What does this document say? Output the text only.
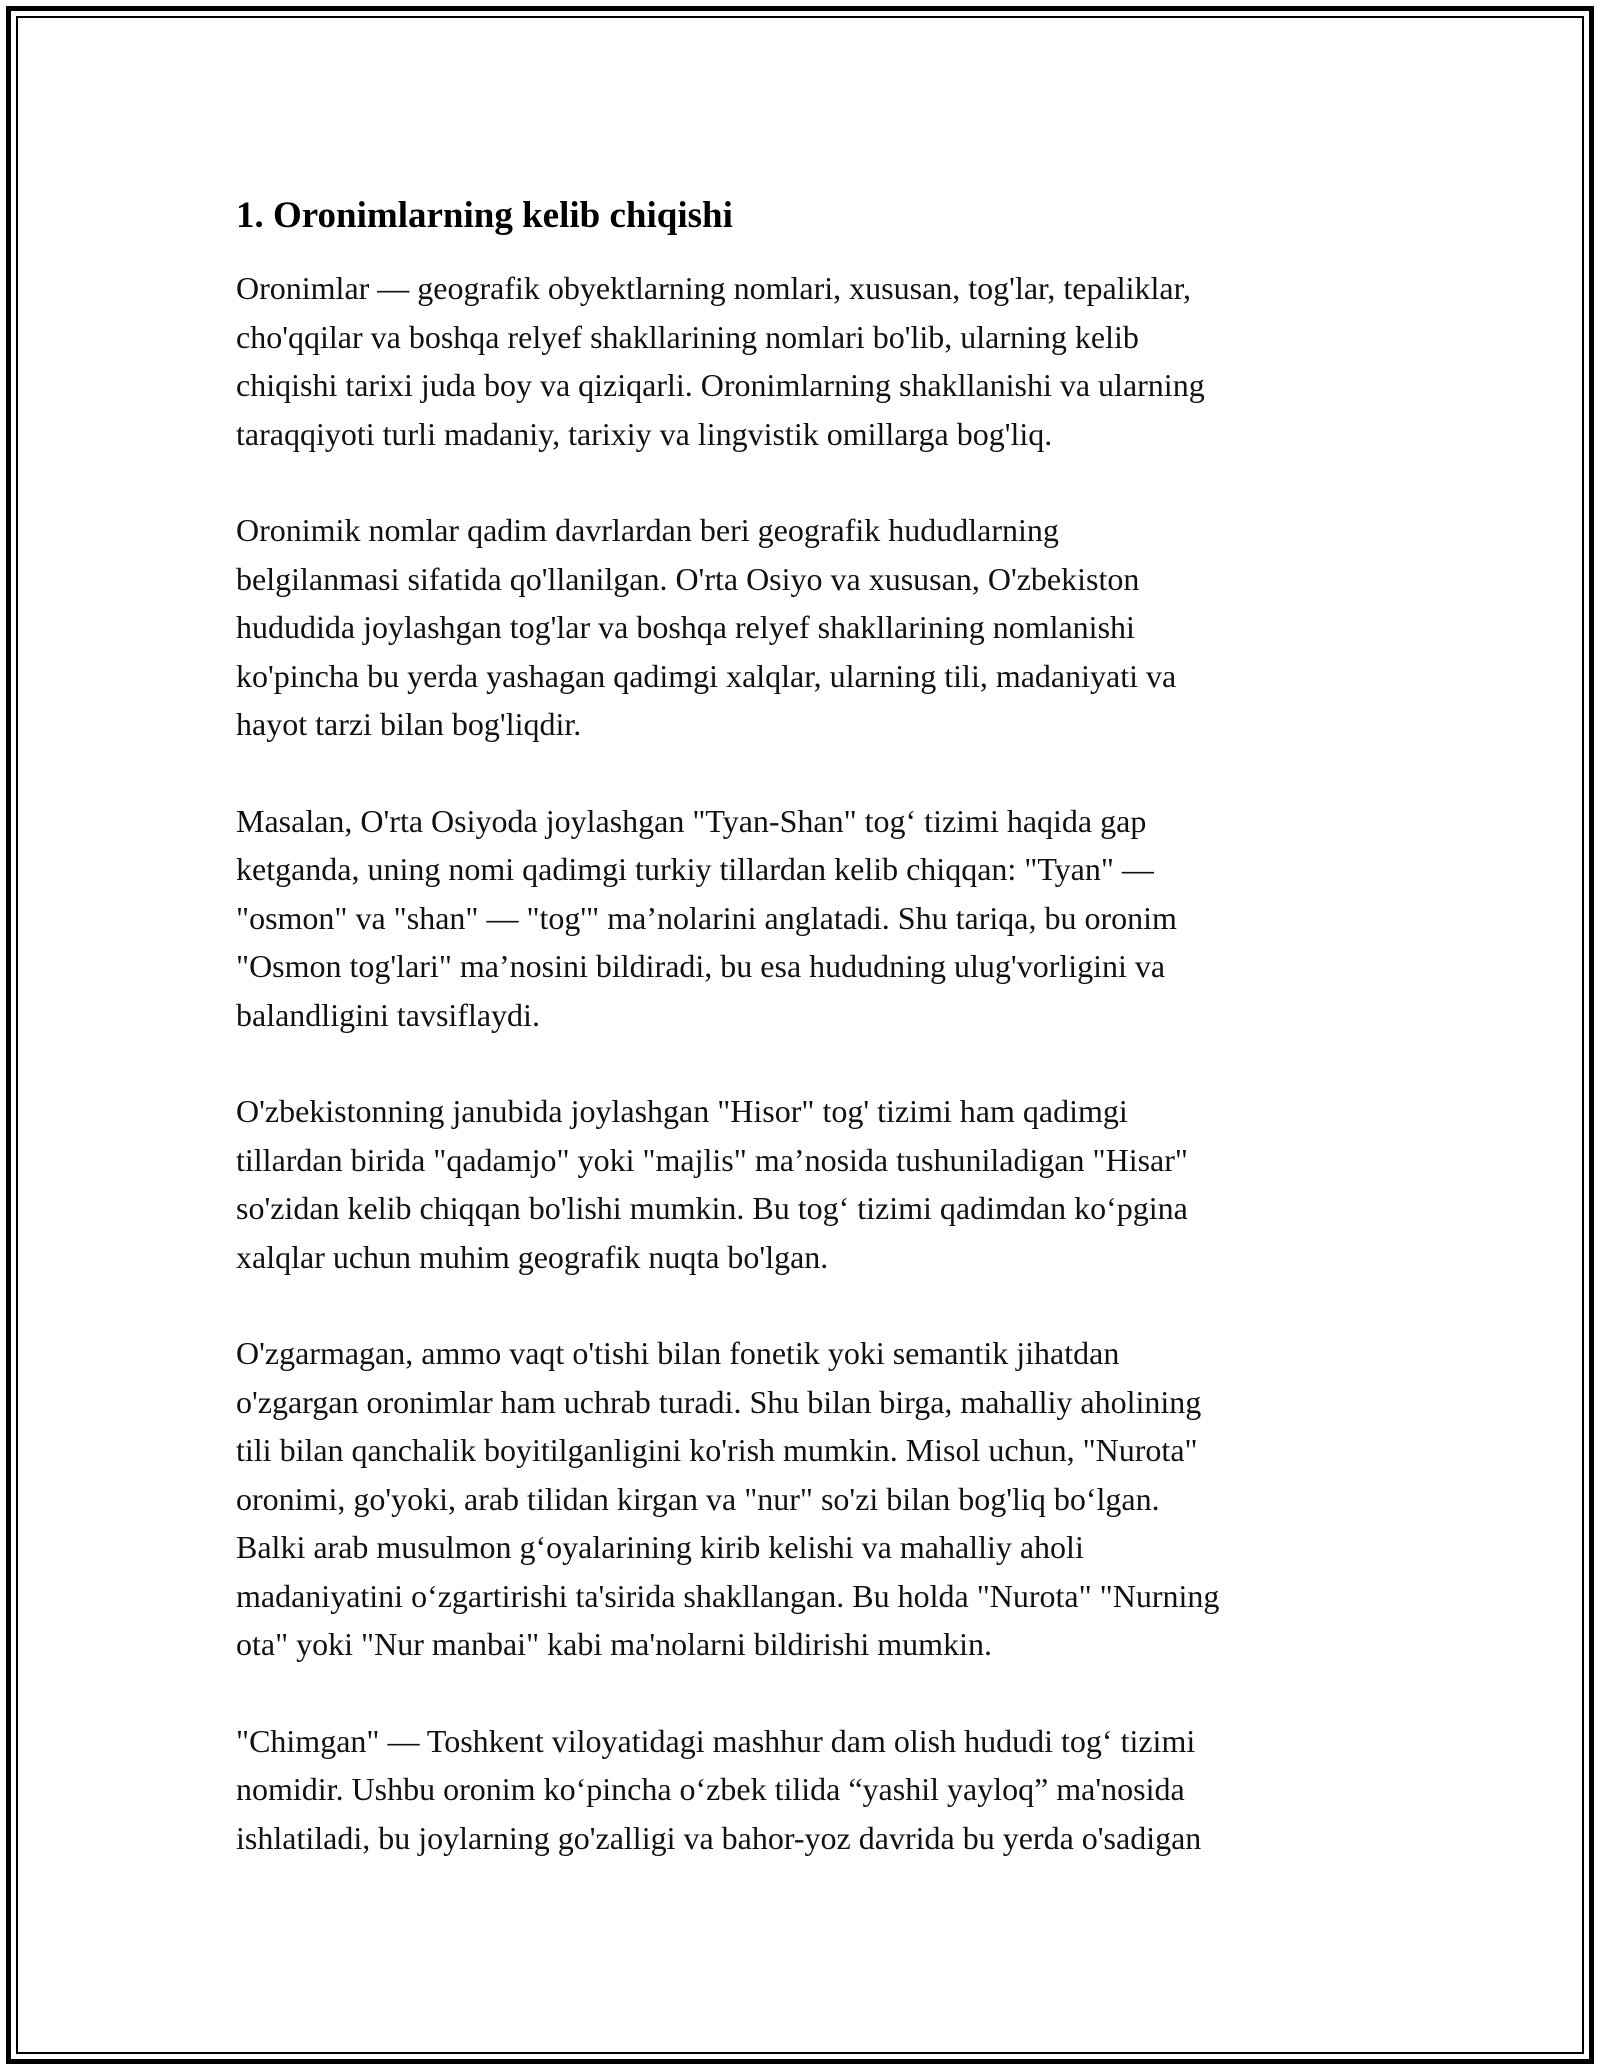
1. Oronimlarning kelib chiqishi

Oronimlar — geografik obyektlarning nomlari, xususan, tog'lar, tepaliklar,
cho'qqilar va boshqa relyef shakllarining nomlari bo'lib, ularning kelib
chiqishi tarixi juda boy va qiziqarli. Oronimlarning shakllanishi va ularning
taraqqiyoti turli madaniy, tarixiy va lingvistik omillarga bog'liq.

Oronimik nomlar qadim davrlardan beri geografik hududlarning
belgilanmasi sifatida qo'llanilgan. O'rta Osiyo va xususan, O'zbekiston
hududida joylashgan tog'lar va boshqa relyef shakllarining nomlanishi
ko'pincha bu yerda yashagan qadimgi xalqlar, ularning tili, madaniyati va
hayot tarzi bilan bog'liqdir.

Masalan, O'rta Osiyoda joylashgan "Tyan-Shan" tog‘ tizimi haqida gap
ketganda, uning nomi qadimgi turkiy tillardan kelib chiqqan: "Tyan" —
"osmon" va "shan" — "tog'" ma’nolarini anglatadi. Shu tariqa, bu oronim
"Osmon tog'lari" ma’nosini bildiradi, bu esa hududning ulug'vorligini va
balandligini tavsiflaydi.

O'zbekistonning janubida joylashgan "Hisor" tog' tizimi ham qadimgi
tillardan birida "qadamjo" yoki "majlis" ma’nosida tushuniladigan "Hisar"
so'zidan kelib chiqqan bo'lishi mumkin. Bu tog‘ tizimi qadimdan ko‘pgina
xalqlar uchun muhim geografik nuqta bo'lgan.

O'zgarmagan, ammo vaqt o'tishi bilan fonetik yoki semantik jihatdan
o'zgargan oronimlar ham uchrab turadi. Shu bilan birga, mahalliy aholining
tili bilan qanchalik boyitilganligini ko'rish mumkin. Misol uchun, "Nurota"
oronimi, go'yoki, arab tilidan kirgan va "nur" so'zi bilan bog'liq bo‘lgan.
Balki arab musulmon g‘oyalarining kirib kelishi va mahalliy aholi
madaniyatini o‘zgartirishi ta'sirida shakllangan. Bu holda "Nurota" "Nurning
ota" yoki "Nur manbai" kabi ma'nolarni bildirishi mumkin.

"Chimgan" — Toshkent viloyatidagi mashhur dam olish hududi tog‘ tizimi
nomidir. Ushbu oronim ko‘pincha o‘zbek tilida “yashil yayloq” ma'nosida
ishlatiladi, bu joylarning go'zalligi va bahor-yoz davrida bu yerda o'sadigan
